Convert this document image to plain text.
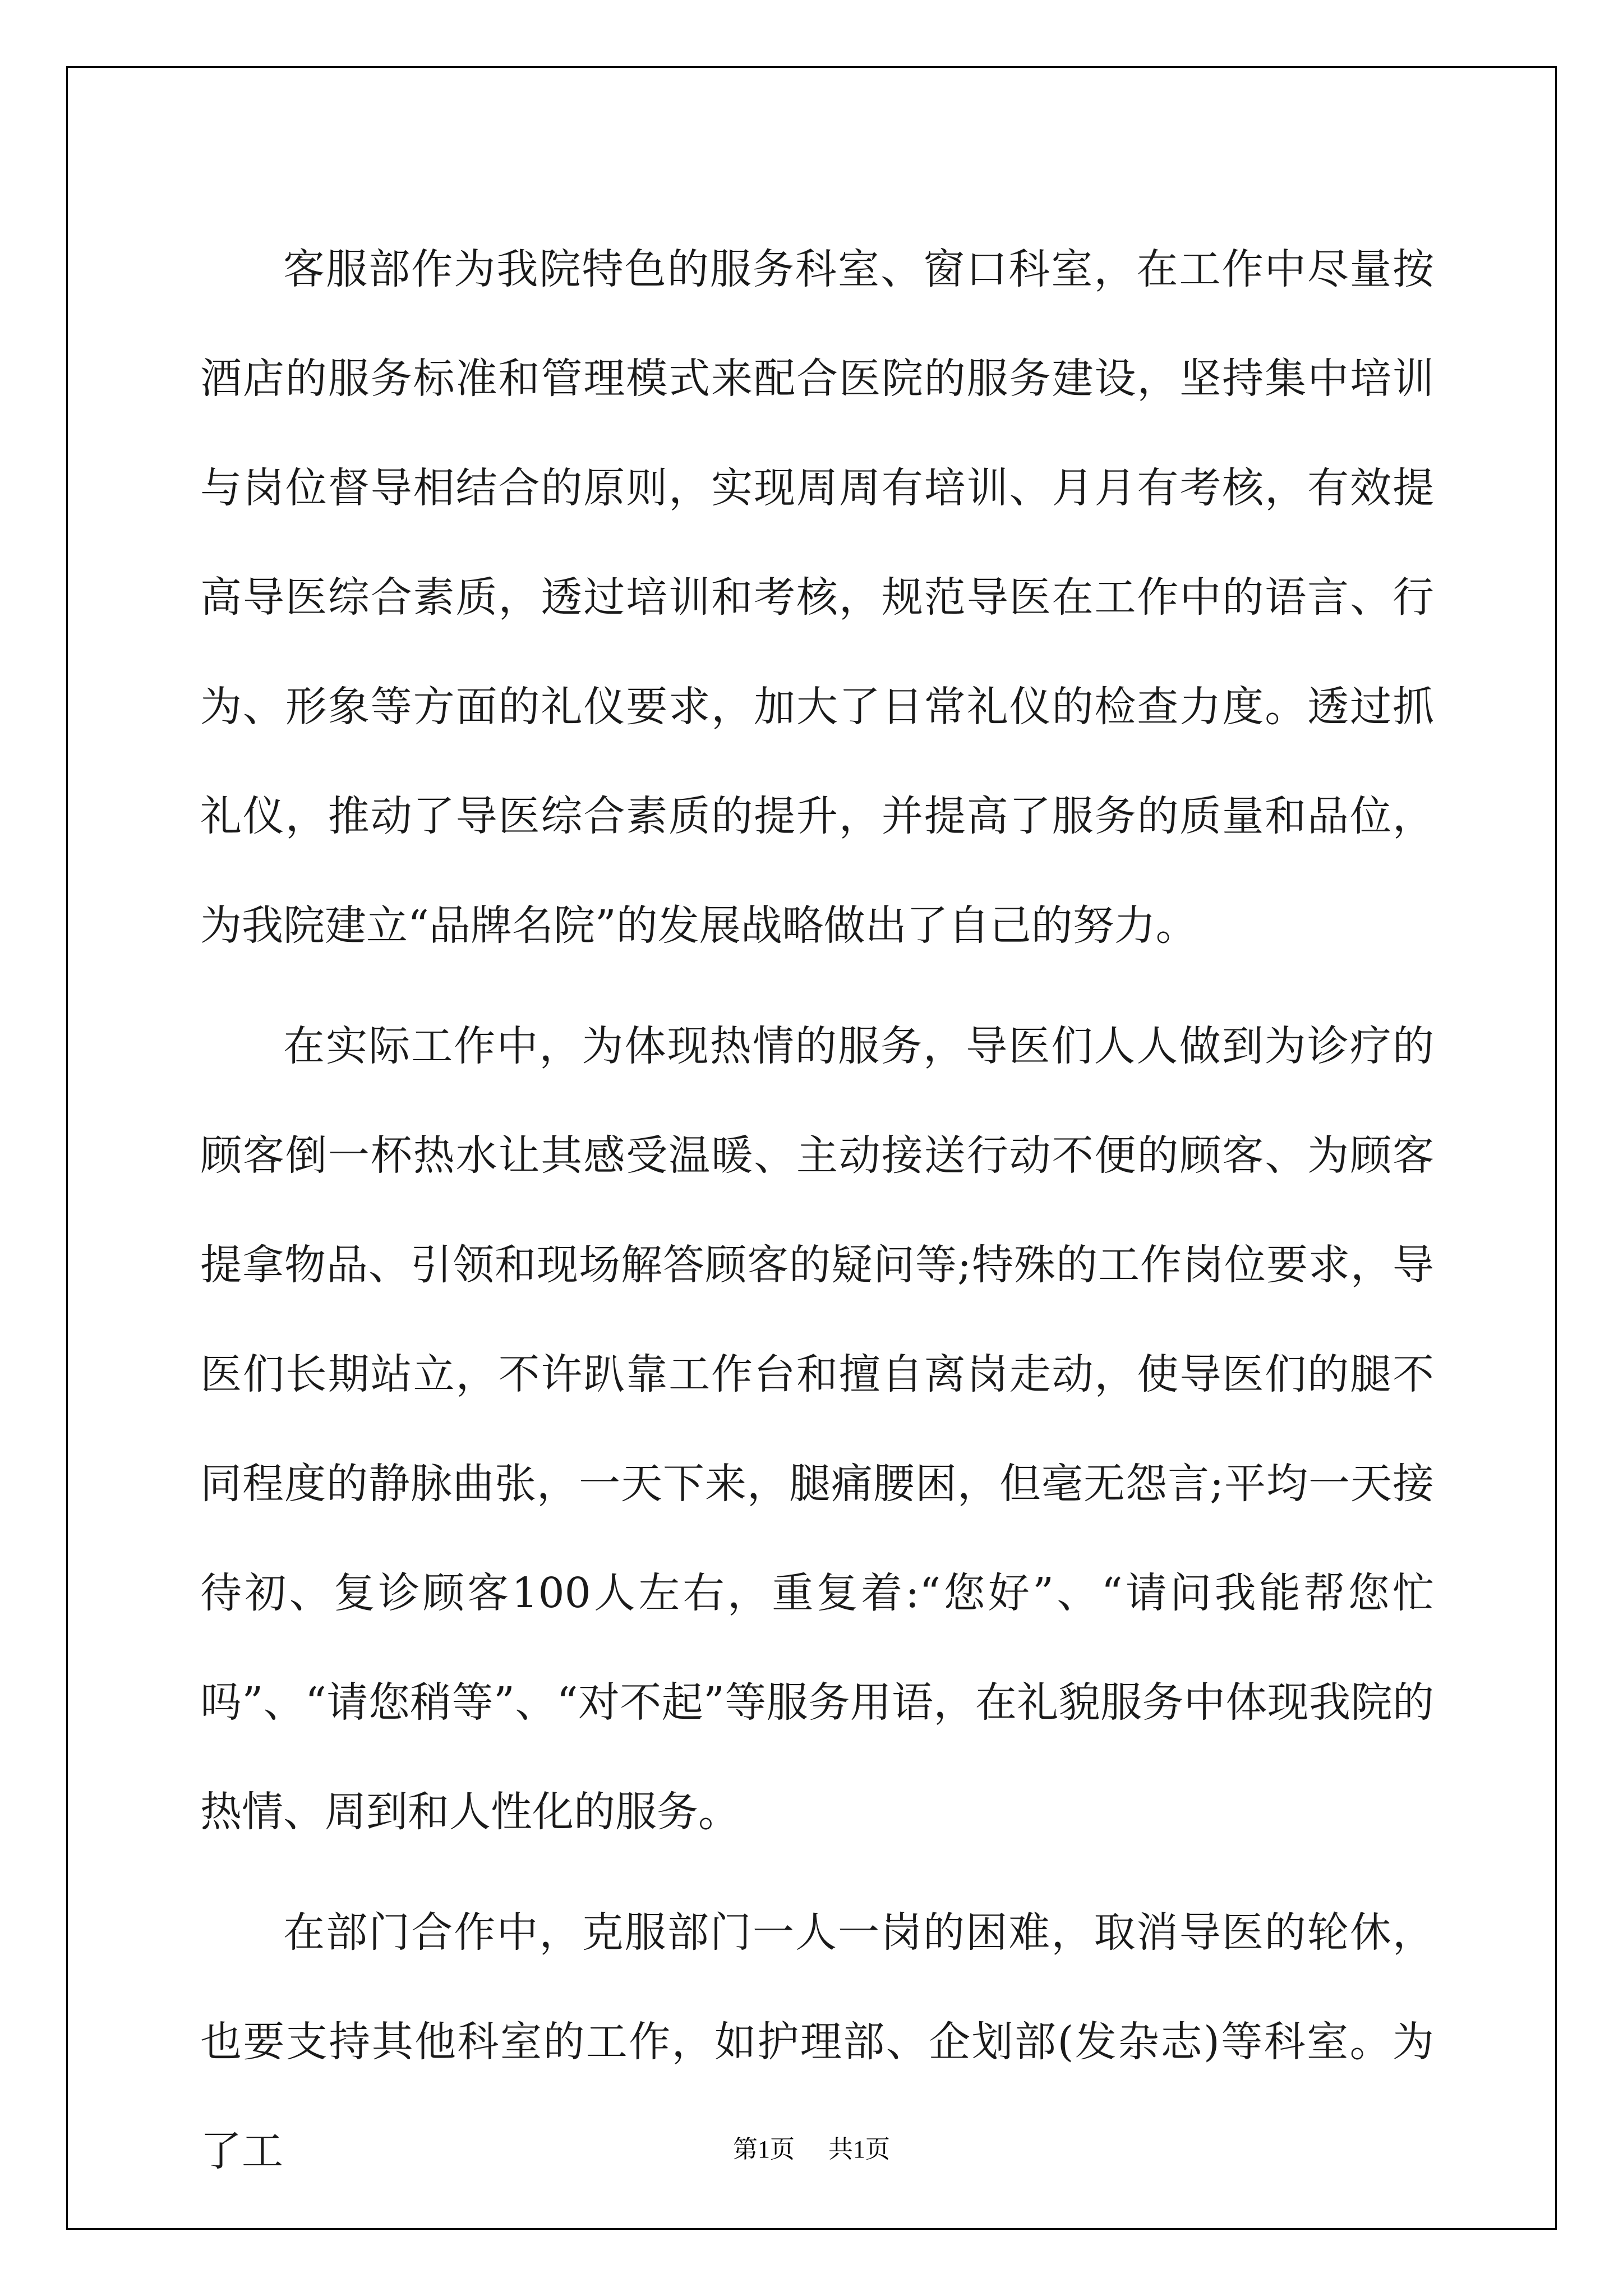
客服部作为我院特色的服务科室、窗口科室，在工作中尽量按酒店的服务标准和管理模式来配合医院的服务建设，坚持集中培训与岗位督导相结合的原则，实现周周有培训、月月有考核，有效提高导医综合素质，透过培训和考核，规范导医在工作中的语言、行为、形象等方面的礼仪要求，加大了日常礼仪的检查力度。透过抓礼仪，推动了导医综合素质的提升，并提高了服务的质量和品位，为我院建立“品牌名院”的发展战略做出了自己的努力。

在实际工作中，为体现热情的服务，导医们人人做到为诊疗的顾客倒一杯热水让其感受温暖、主动接送行动不便的顾客、为顾客提拿物品、引领和现场解答顾客的疑问等;特殊的工作岗位要求，导医们长期站立，不许趴靠工作台和擅自离岗走动，使导医们的腿不同程度的静脉曲张，一天下来，腿痛腰困，但毫无怨言;平均一天接待初、复诊顾客100人左右，重复着:“您好”、“请问我能帮您忙吗”、“请您稍等”、“对不起”等服务用语，在礼貌服务中体现我院的热情、周到和人性化的服务。

在部门合作中，克服部门一人一岗的困难，取消导医的轮休，也要支持其他科室的工作，如护理部、企划部(发杂志)等科室。为了工	第1页 共1页
